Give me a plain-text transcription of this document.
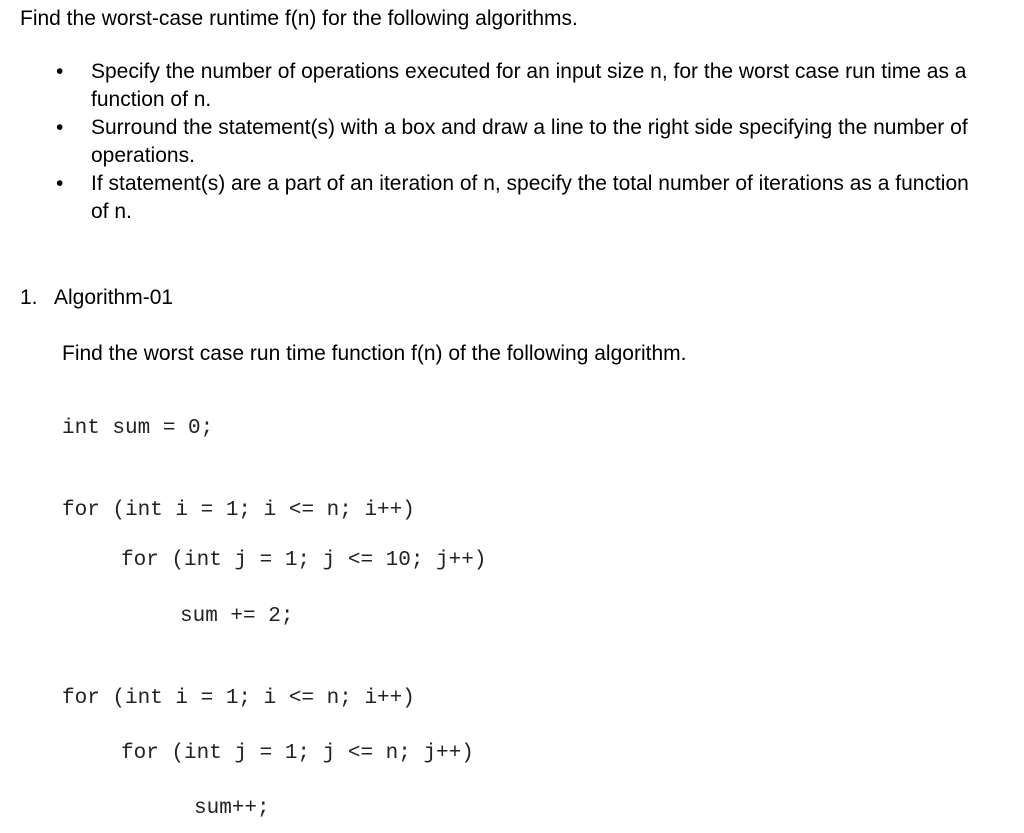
Find the worst-case runtime f(n) for the following algorithms.
• Specify the number of operations executed for an input size n, for the worst case run time as a function of n.
• Surround the statement(s) with a box and draw a line to the right side specifying the number of operations.
• If statement(s) are a part of an iteration of n, specify the total number of iterations as a function of n.
1. Algorithm-01
Find the worst case run time function f(n) of the following algorithm.
int sum = 0;
for (int i = 1; i <= n; i++)
for (int j = 1; j <= 10; j++)
sum += 2;
for (int i = 1; i <= n; i++)
for (int j = 1; j <= n; j++)
sum++;
